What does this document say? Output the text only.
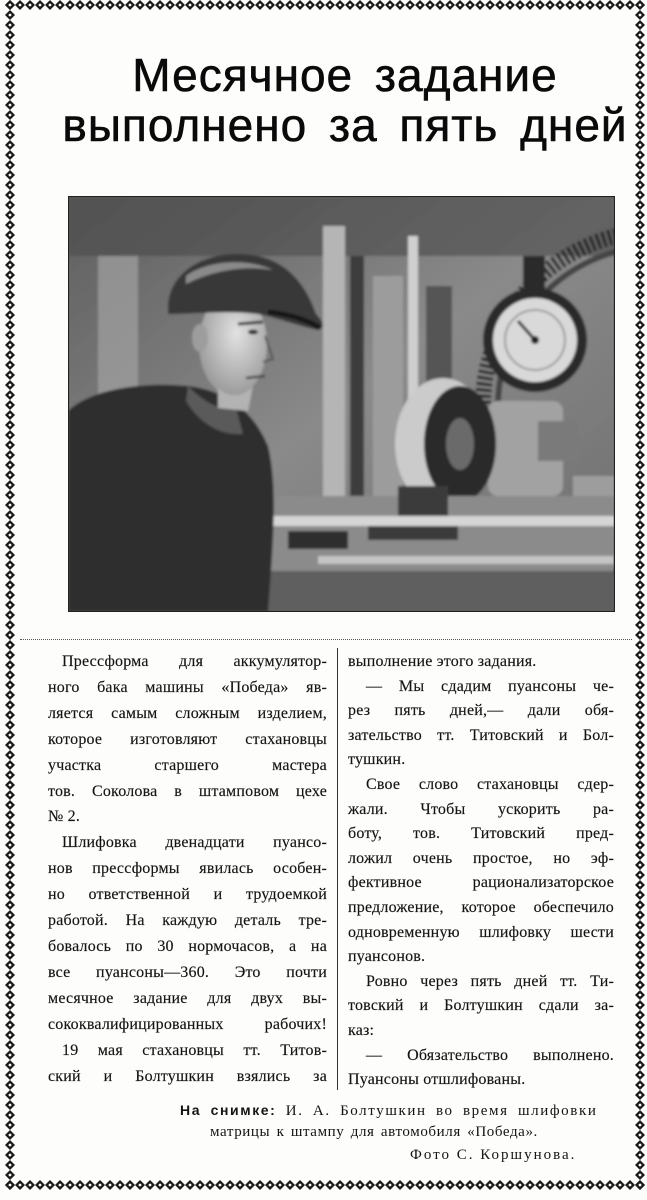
Месячное задание
выполнено за пять дней
Прессформа для аккумулятор-
ного бака машины «Победа» яв-
ляется самым сложным изделием,
которое изготовляют стахановцы
участка старшего мастера
тов. Соколова в штамповом цехе
№ 2.
Шлифовка двенадцати пуансо-
нов прессформы явилась особен-
но ответственной и трудоемкой
работой. На каждую деталь тре-
бовалось по 30 нормочасов, а на
все пуансоны—360. Это почти
месячное задание для двух вы-
сококвалифицированных рабочих!
19 мая стахановцы тт. Титов-
ский и Болтушкин взялись за
выполнение этого задания.
— Мы сдадим пуансоны че-
рез пять дней,— дали обя-
зательство тт. Титовский и Бол-
тушкин.
Свое слово стахановцы сдер-
жали. Чтобы ускорить ра-
боту, тов. Титовский пред-
ложил очень простое, но эф-
фективное рационализаторское
предложение, которое обеспечило
одновременную шлифовку шести
пуансонов.
Ровно через пять дней тт. Ти-
товский и Болтушкин сдали за-
каз:
— Обязательство выполнено.
Пуансоны отшлифованы.
На снимке: И. А. Болтушкин во время шлифовки
матрицы к штампу для автомобиля «Победа».
Фото С. Коршунова.
